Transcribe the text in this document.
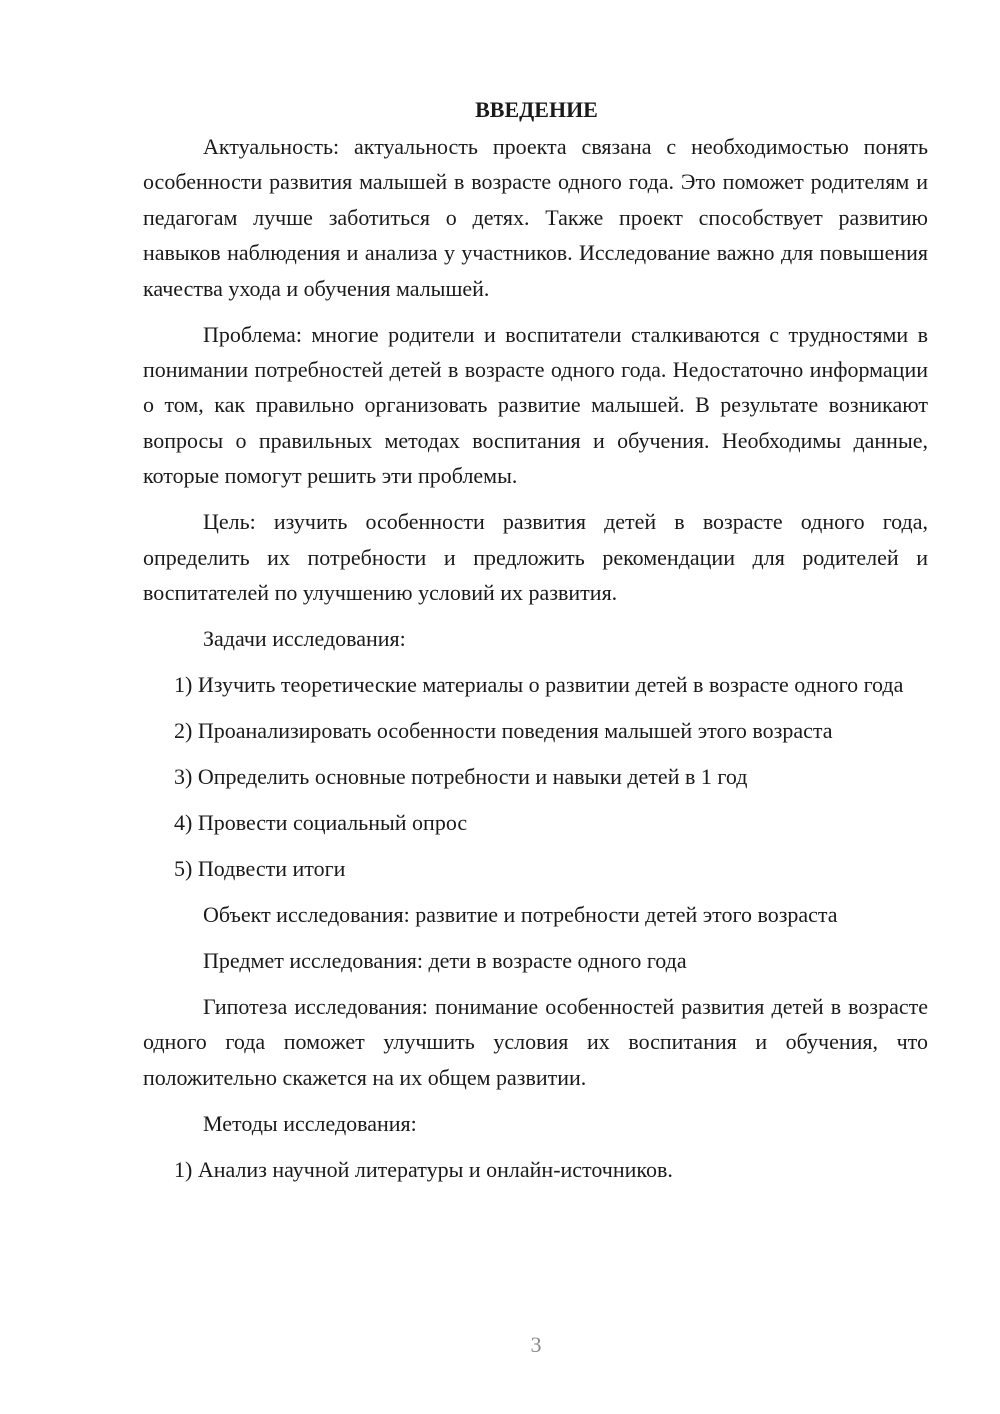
ВВЕДЕНИЕ

Актуальность: актуальность проекта связана с необходимостью понять особенности развития малышей в возрасте одного года. Это поможет родителям и педагогам лучше заботиться о детях. Также проект способствует развитию навыков наблюдения и анализа у участников. Исследование важно для повышения качества ухода и обучения малышей.

Проблема: многие родители и воспитатели сталкиваются с трудностями в понимании потребностей детей в возрасте одного года. Недостаточно информации о том, как правильно организовать развитие малышей. В результате возникают вопросы о правильных методах воспитания и обучения. Необходимы данные, которые помогут решить эти проблемы.

Цель: изучить особенности развития детей в возрасте одного года, определить их потребности и предложить рекомендации для родителей и воспитателей по улучшению условий их развития.

Задачи исследования:

1) Изучить теоретические материалы о развитии детей в возрасте одного года

2) Проанализировать особенности поведения малышей этого возраста

3) Определить основные потребности и навыки детей в 1 год

4) Провести социальный опрос

5) Подвести итоги

Объект исследования: развитие и потребности детей этого возраста

Предмет исследования: дети в возрасте одного года

Гипотеза исследования: понимание особенностей развития детей в возрасте одного года поможет улучшить условия их воспитания и обучения, что положительно скажется на их общем развитии.

Методы исследования:

1) Анализ научной литературы и онлайн-источников.

3
